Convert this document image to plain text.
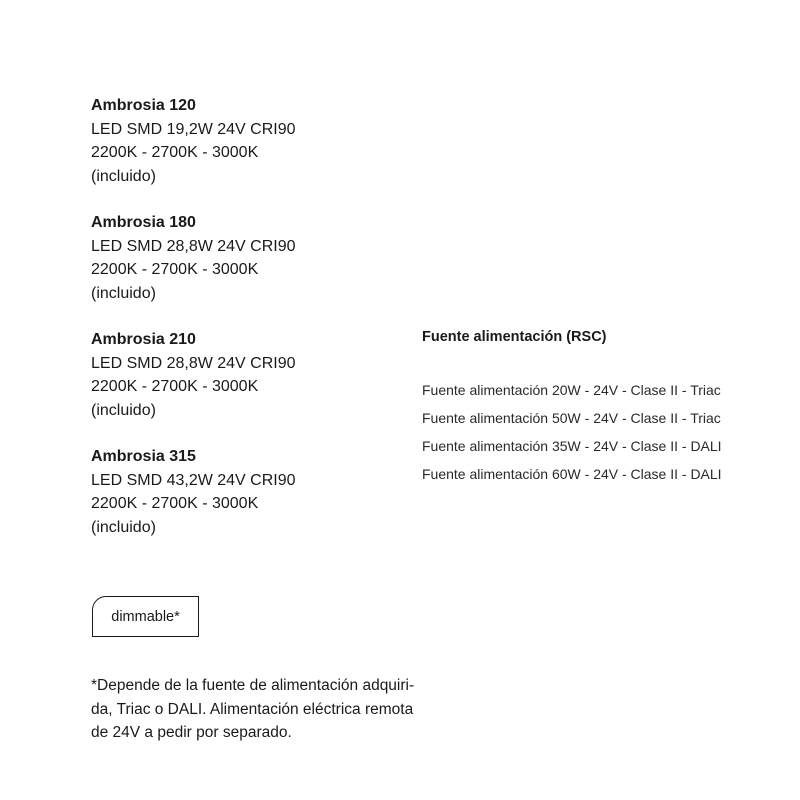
Ambrosia 120
LED SMD 19,2W 24V CRI90
2200K - 2700K - 3000K
(incluido)
Ambrosia 180
LED SMD 28,8W 24V CRI90
2200K - 2700K - 3000K
(incluido)
Ambrosia 210
LED SMD 28,8W 24V CRI90
2200K - 2700K - 3000K
(incluido)
Ambrosia 315
LED SMD 43,2W 24V CRI90
2200K - 2700K - 3000K
(incluido)
Fuente alimentación (RSC)
Fuente alimentación 20W - 24V - Clase II - Triac
Fuente alimentación 50W - 24V - Clase II - Triac
Fuente alimentación 35W - 24V - Clase II - DALI
Fuente alimentación 60W - 24V - Clase II - DALI
dimmable*
*Depende de la fuente de alimentación adquiri-
da, Triac o DALI. Alimentación eléctrica remota
de 24V a pedir por separado.
